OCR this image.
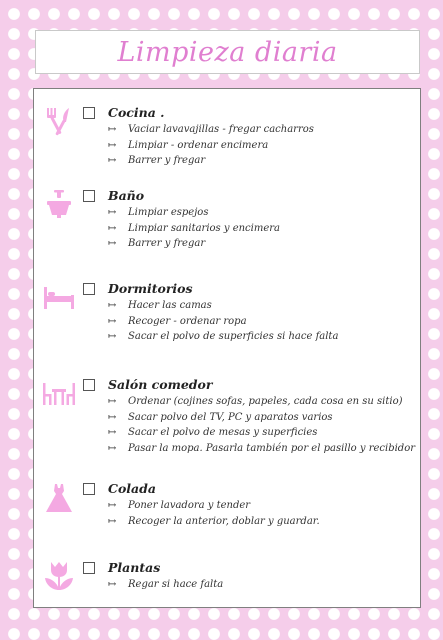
Limpieza diaria
Cocina .
↦ Vaciar lavavajillas - fregar cacharros
↦ Limpiar - ordenar encimera
↦ Barrer y fregar
Baño
↦ Limpiar espejos
↦ Limpiar sanitarios y encimera
↦ Barrer y fregar
Dormitorios
↦ Hacer las camas
↦ Recoger - ordenar ropa
↦ Sacar el polvo de superficies si hace falta
Salón comedor
↦ Ordenar (cojines sofas, papeles, cada cosa en su sitio)
↦ Sacar polvo del TV, PC y aparatos varios
↦ Sacar el polvo de mesas y superficies
↦ Pasar la mopa. Pasarla también por el pasillo y recibidor
Colada
↦ Poner lavadora y tender
↦ Recoger la anterior, doblar y guardar.
Plantas
↦ Regar si hace falta
